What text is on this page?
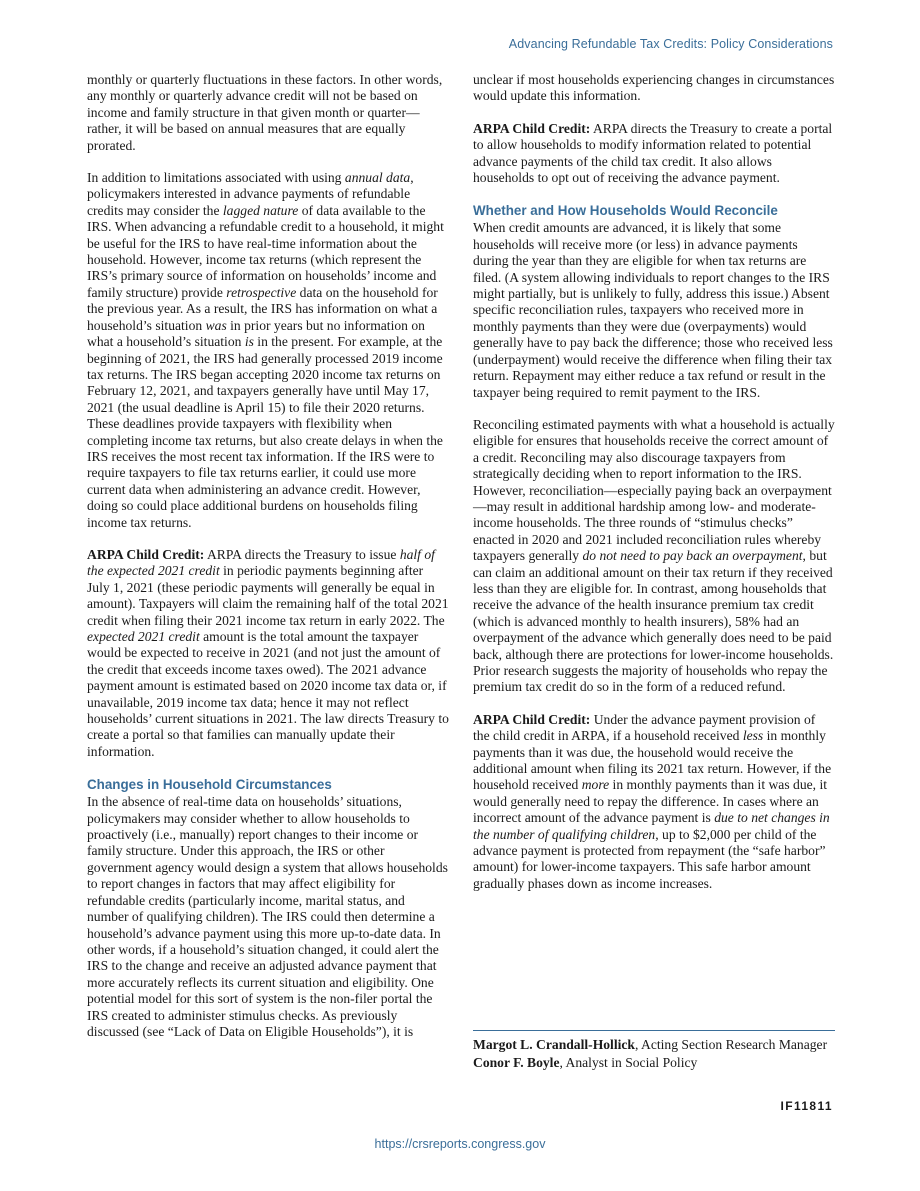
Advancing Refundable Tax Credits: Policy Considerations

monthly or quarterly fluctuations in these factors. In other words, any monthly or quarterly advance credit will not be based on income and family structure in that given month or quarter—rather, it will be based on annual measures that are equally prorated.

In addition to limitations associated with using annual data, policymakers interested in advance payments of refundable credits may consider the lagged nature of data available to the IRS. When advancing a refundable credit to a household, it might be useful for the IRS to have real-time information about the household. However, income tax returns (which represent the IRS’s primary source of information on households’ income and family structure) provide retrospective data on the household for the previous year. As a result, the IRS has information on what a household’s situation was in prior years but no information on what a household’s situation is in the present. For example, at the beginning of 2021, the IRS had generally processed 2019 income tax returns. The IRS began accepting 2020 income tax returns on February 12, 2021, and taxpayers generally have until May 17, 2021 (the usual deadline is April 15) to file their 2020 returns. These deadlines provide taxpayers with flexibility when completing income tax returns, but also create delays in when the IRS receives the most recent tax information. If the IRS were to require taxpayers to file tax returns earlier, it could use more current data when administering an advance credit. However, doing so could place additional burdens on households filing income tax returns.

ARPA Child Credit: ARPA directs the Treasury to issue half of the expected 2021 credit in periodic payments beginning after July 1, 2021 (these periodic payments will generally be equal in amount). Taxpayers will claim the remaining half of the total 2021 credit when filing their 2021 income tax return in early 2022. The expected 2021 credit amount is the total amount the taxpayer would be expected to receive in 2021 (and not just the amount of the credit that exceeds income taxes owed). The 2021 advance payment amount is estimated based on 2020 income tax data or, if unavailable, 2019 income tax data; hence it may not reflect households’ current situations in 2021. The law directs Treasury to create a portal so that families can manually update their information.

Changes in Household Circumstances

In the absence of real-time data on households’ situations, policymakers may consider whether to allow households to proactively (i.e., manually) report changes to their income or family structure. Under this approach, the IRS or other government agency would design a system that allows households to report changes in factors that may affect eligibility for refundable credits (particularly income, marital status, and number of qualifying children). The IRS could then determine a household’s advance payment using this more up-to-date data. In other words, if a household’s situation changed, it could alert the IRS to the change and receive an adjusted advance payment that more accurately reflects its current situation and eligibility. One potential model for this sort of system is the non-filer portal the IRS created to administer stimulus checks. As previously discussed (see “Lack of Data on Eligible Households”), it is

unclear if most households experiencing changes in circumstances would update this information.

ARPA Child Credit: ARPA directs the Treasury to create a portal to allow households to modify information related to potential advance payments of the child tax credit. It also allows households to opt out of receiving the advance payment.

Whether and How Households Would Reconcile

When credit amounts are advanced, it is likely that some households will receive more (or less) in advance payments during the year than they are eligible for when tax returns are filed. (A system allowing individuals to report changes to the IRS might partially, but is unlikely to fully, address this issue.) Absent specific reconciliation rules, taxpayers who received more in monthly payments than they were due (overpayments) would generally have to pay back the difference; those who received less (underpayment) would receive the difference when filing their tax return. Repayment may either reduce a tax refund or result in the taxpayer being required to remit payment to the IRS.

Reconciling estimated payments with what a household is actually eligible for ensures that households receive the correct amount of a credit. Reconciling may also discourage taxpayers from strategically deciding when to report information to the IRS. However, reconciliation—especially paying back an overpayment—may result in additional hardship among low- and moderate-income households. The three rounds of “stimulus checks” enacted in 2020 and 2021 included reconciliation rules whereby taxpayers generally do not need to pay back an overpayment, but can claim an additional amount on their tax return if they received less than they are eligible for. In contrast, among households that receive the advance of the health insurance premium tax credit (which is advanced monthly to health insurers), 58% had an overpayment of the advance which generally does need to be paid back, although there are protections for lower-income households. Prior research suggests the majority of households who repay the premium tax credit do so in the form of a reduced refund.

ARPA Child Credit: Under the advance payment provision of the child credit in ARPA, if a household received less in monthly payments than it was due, the household would receive the additional amount when filing its 2021 tax return. However, if the household received more in monthly payments than it was due, it would generally need to repay the difference. In cases where an incorrect amount of the advance payment is due to net changes in the number of qualifying children, up to $2,000 per child of the advance payment is protected from repayment (the “safe harbor” amount) for lower-income taxpayers. This safe harbor amount gradually phases down as income increases.

Margot L. Crandall-Hollick, Acting Section Research Manager
Conor F. Boyle, Analyst in Social Policy
IF11811
https://crsreports.congress.gov
